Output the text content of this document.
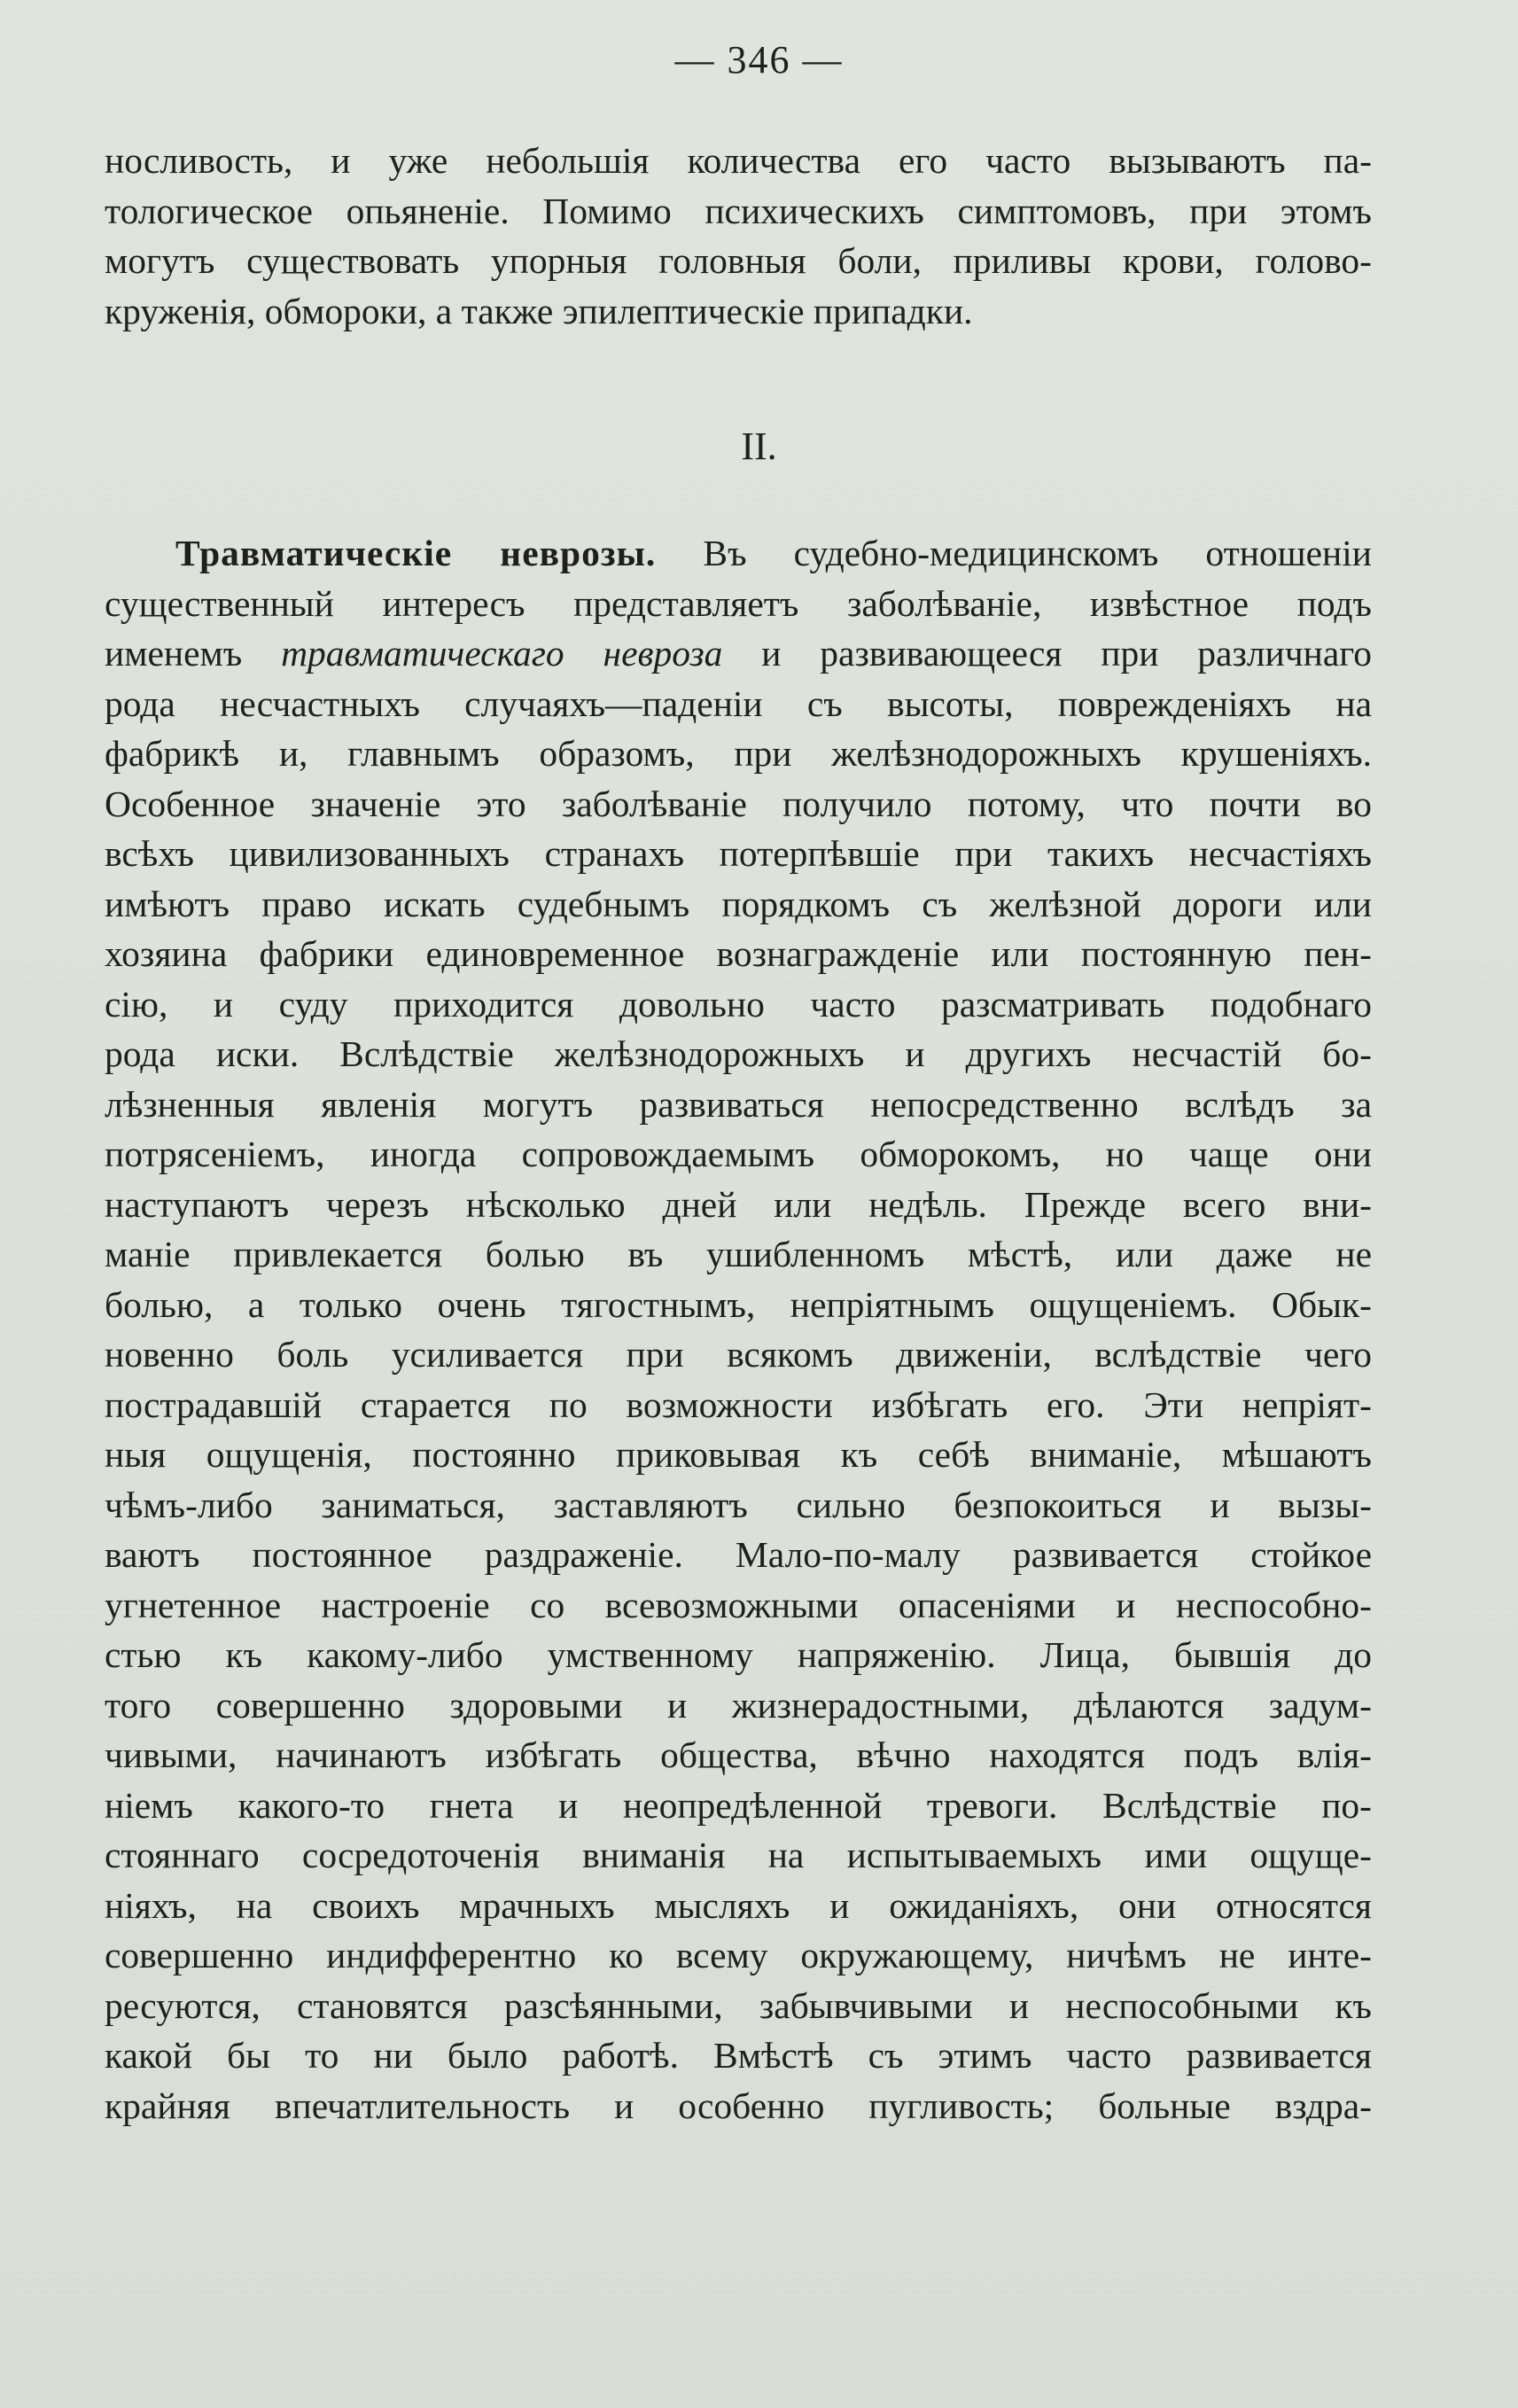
— 346 —
носливость, и уже небольшія количества его часто вызываютъ па-
тологическое опьяненіе. Помимо психическихъ симптомовъ, при этомъ
могутъ существовать упорныя головныя боли, приливы крови, голово-
круженія, обмороки, а также эпилептическіе припадки.
II.
Травматическіе неврозы. Въ судебно-медицинскомъ отношеніи
существенный интересъ представляетъ заболѣваніе, извѣстное подъ
именемъ травматическаго невроза и развивающееся при различнаго
рода несчастныхъ случаяхъ—паденіи съ высоты, поврежденіяхъ на
фабрикѣ и, главнымъ образомъ, при желѣзнодорожныхъ крушеніяхъ.
Особенное значеніе это заболѣваніе получило потому, что почти во
всѣхъ цивилизованныхъ странахъ потерпѣвшіе при такихъ несчастіяхъ
имѣютъ право искать судебнымъ порядкомъ съ желѣзной дороги или
хозяина фабрики единовременное вознагражденіе или постоянную пен-
сію, и суду приходится довольно часто разсматривать подобнаго
рода иски. Вслѣдствіе желѣзнодорожныхъ и другихъ несчастій бо-
лѣзненныя явленія могутъ развиваться непосредственно вслѣдъ за
потрясеніемъ, иногда сопровождаемымъ обморокомъ, но чаще они
наступаютъ черезъ нѣсколько дней или недѣль. Прежде всего вни-
маніе привлекается болью въ ушибленномъ мѣстѣ, или даже не
болью, а только очень тягостнымъ, непріятнымъ ощущеніемъ. Обык-
новенно боль усиливается при всякомъ движеніи, вслѣдствіе чего
пострадавшій старается по возможности избѣгать его. Эти непріят-
ныя ощущенія, постоянно приковывая къ себѣ вниманіе, мѣшаютъ
чѣмъ-либо заниматься, заставляютъ сильно безпокоиться и вызы-
ваютъ постоянное раздраженіе. Мало-по-малу развивается стойкое
угнетенное настроеніе со всевозможными опасеніями и неспособно-
стью къ какому-либо умственному напряженію. Лица, бывшія до
того совершенно здоровыми и жизнерадостными, дѣлаются задум-
чивыми, начинаютъ избѣгать общества, вѣчно находятся подъ влія-
ніемъ какого-то гнета и неопредѣленной тревоги. Вслѣдствіе по-
стояннаго сосредоточенія вниманія на испытываемыхъ ими ощуще-
ніяхъ, на своихъ мрачныхъ мысляхъ и ожиданіяхъ, они относятся
совершенно индифферентно ко всему окружающему, ничѣмъ не инте-
ресуются, становятся разсѣянными, забывчивыми и неспособными къ
какой бы то ни было работѣ. Вмѣстѣ съ этимъ часто развивается
крайняя впечатлительность и особенно пугливость; больные вздра-
